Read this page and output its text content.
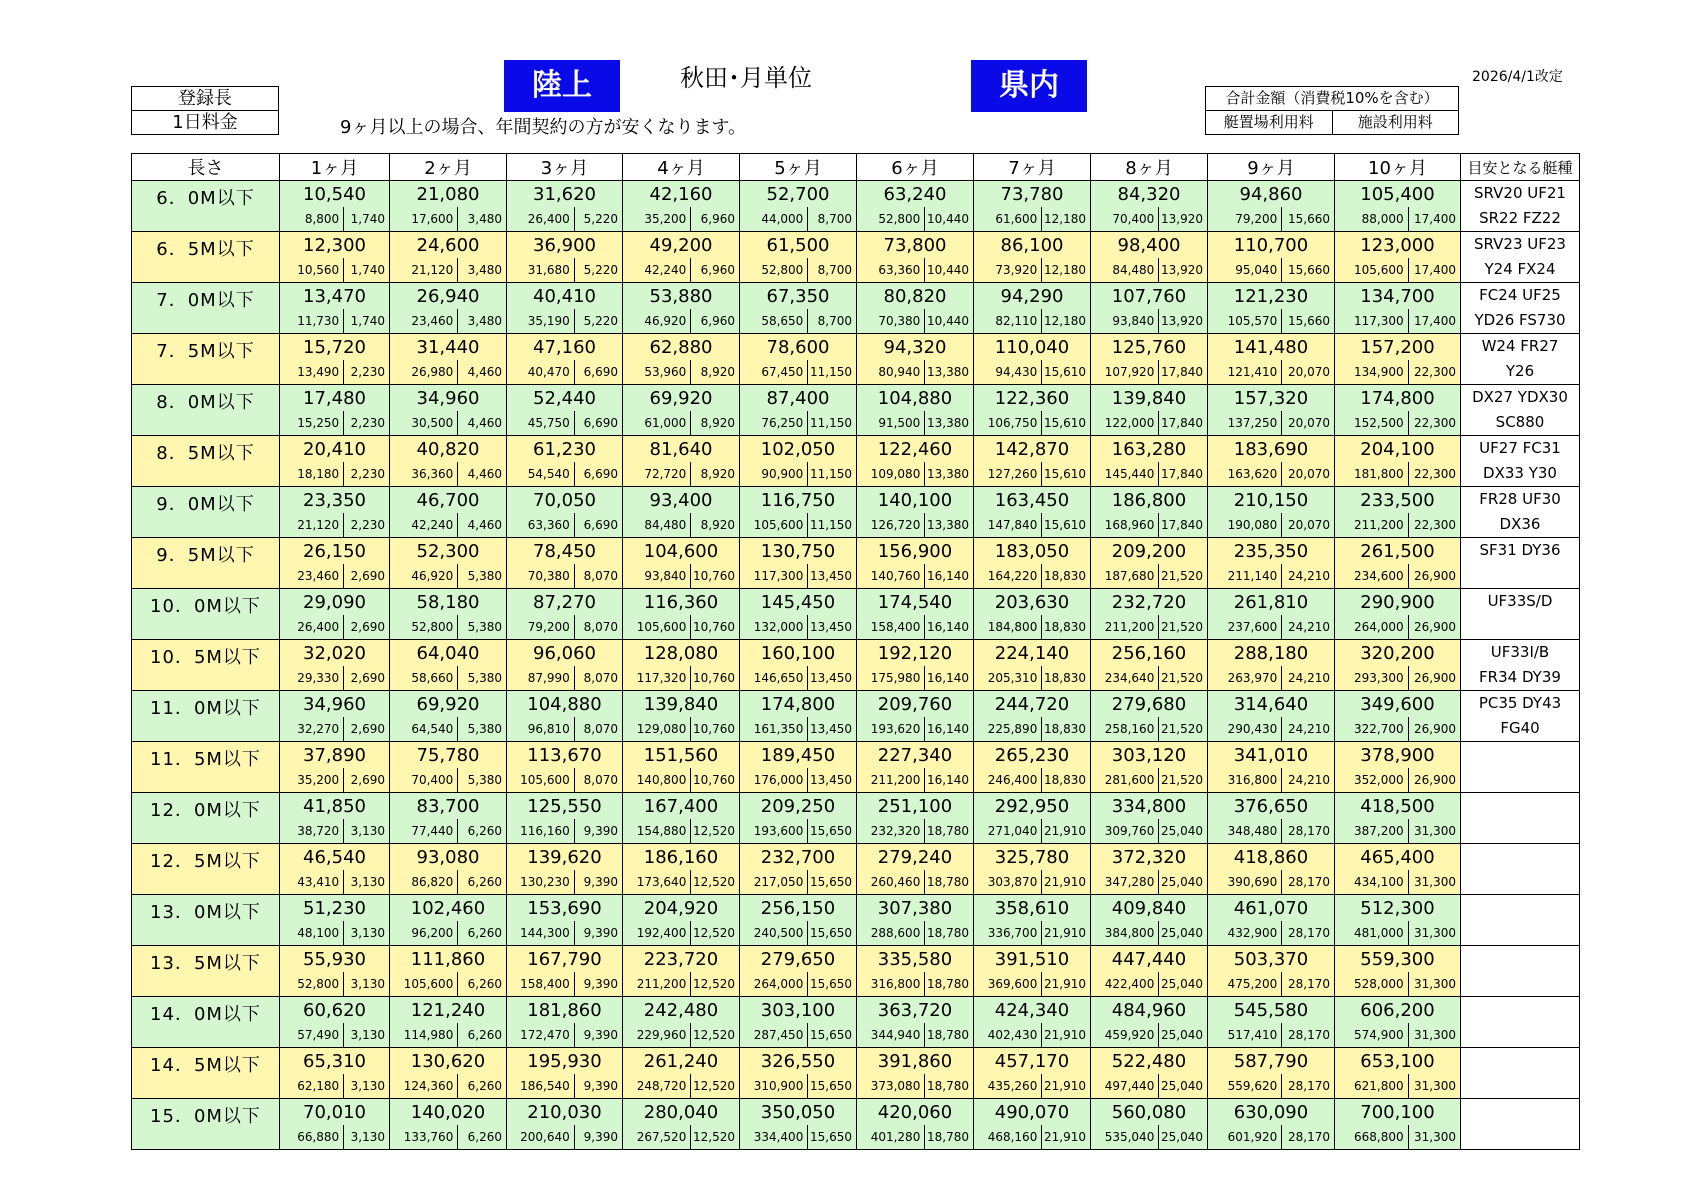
陸上	秋田･月単位	県内	2026/4/1改定
登録長
1日料金	9ヶ月以上の場合、年間契約の方が安くなります。
合計金額（消費税10%を含む）
艇置場利用料	施設利用料
長さ	1ヶ月	2ヶ月	3ヶ月	4ヶ月	5ヶ月	6ヶ月	7ヶ月	8ヶ月	9ヶ月	10ヶ月	目安となる艇種

6．0M以下	10,540	21,080	31,620	42,160	52,700	63,240	73,780	84,320	94,860	105,400	SRV20 UF21
SR22 FZ22

	8,800 1,740	17,600 3,480	26,400 5,220	35,200 6,960	44,000 8,700	52,800 10,440	61,600 12,180	70,400 13,920	79,200 15,660	88,000 17,400	

6．5M以下	12,300	24,600	36,900	49,200	61,500	73,800	86,100	98,400	110,700	123,000	SRV23 UF23
Y24 FX24

	10,560 1,740	21,120 3,480	31,680 5,220	42,240 6,960	52,800 8,700	63,360 10,440	73,920 12,180	84,480 13,920	95,040 15,660	105,600 17,400	

7．0M以下	13,470	26,940	40,410	53,880	67,350	80,820	94,290	107,760	121,230	134,700	FC24 UF25
YD26 FS730

	11,730 1,740	23,460 3,480	35,190 5,220	46,920 6,960	58,650 8,700	70,380 10,440	82,110 12,180	93,840 13,920	105,570 15,660	117,300 17,400	

7．5M以下	15,720	31,440	47,160	62,880	78,600	94,320	110,040	125,760	141,480	157,200	W24 FR27
Y26

	13,490 2,230	26,980 4,460	40,470 6,690	53,960 8,920	67,450 11,150	80,940 13,380	94,430 15,610	107,920 17,840	121,410 20,070	134,900 22,300	

8．0M以下	17,480	34,960	52,440	69,920	87,400	104,880	122,360	139,840	157,320	174,800	DX27 YDX30
SC880

	15,250 2,230	30,500 4,460	45,750 6,690	61,000 8,920	76,250 11,150	91,500 13,380	106,750 15,610	122,000 17,840	137,250 20,070	152,500 22,300	

8．5M以下	20,410	40,820	61,230	81,640	102,050	122,460	142,870	163,280	183,690	204,100	UF27 FC31
DX33 Y30

	18,180 2,230	36,360 4,460	54,540 6,690	72,720 8,920	90,900 11,150	109,080 13,380	127,260 15,610	145,440 17,840	163,620 20,070	181,800 22,300	

9．0M以下	23,350	46,700	70,050	93,400	116,750	140,100	163,450	186,800	210,150	233,500	FR28 UF30
DX36

	21,120 2,230	42,240 4,460	63,360 6,690	84,480 8,920	105,600 11,150	126,720 13,380	147,840 15,610	168,960 17,840	190,080 20,070	211,200 22,300	

9．5M以下	26,150	52,300	78,450	104,600	130,750	156,900	183,050	209,200	235,350	261,500	SF31 DY36

	23,460 2,690	46,920 5,380	70,380 8,070	93,840 10,760	117,300 13,450	140,760 16,140	164,220 18,830	187,680 21,520	211,140 24,210	234,600 26,900	

10．0M以下	29,090	58,180	87,270	116,360	145,450	174,540	203,630	232,720	261,810	290,900	UF33S/D

	26,400 2,690	52,800 5,380	79,200 8,070	105,600 10,760	132,000 13,450	158,400 16,140	184,800 18,830	211,200 21,520	237,600 24,210	264,000 26,900	

10．5M以下	32,020	64,040	96,060	128,080	160,100	192,120	224,140	256,160	288,180	320,200	UF33I/B
FR34 DY39

	29,330 2,690	58,660 5,380	87,990 8,070	117,320 10,760	146,650 13,450	175,980 16,140	205,310 18,830	234,640 21,520	263,970 24,210	293,300 26,900	

11．0M以下	34,960	69,920	104,880	139,840	174,800	209,760	244,720	279,680	314,640	349,600	PC35 DY43
FG40

	32,270 2,690	64,540 5,380	96,810 8,070	129,080 10,760	161,350 13,450	193,620 16,140	225,890 18,830	258,160 21,520	290,430 24,210	322,700 26,900	

11．5M以下	37,890	75,780	113,670	151,560	189,450	227,340	265,230	303,120	341,010	378,900	

	35,200 2,690	70,400 5,380	105,600 8,070	140,800 10,760	176,000 13,450	211,200 16,140	246,400 18,830	281,600 21,520	316,800 24,210	352,000 26,900	

12．0M以下	41,850	83,700	125,550	167,400	209,250	251,100	292,950	334,800	376,650	418,500	

	38,720 3,130	77,440 6,260	116,160 9,390	154,880 12,520	193,600 15,650	232,320 18,780	271,040 21,910	309,760 25,040	348,480 28,170	387,200 31,300	

12．5M以下	46,540	93,080	139,620	186,160	232,700	279,240	325,780	372,320	418,860	465,400	

	43,410 3,130	86,820 6,260	130,230 9,390	173,640 12,520	217,050 15,650	260,460 18,780	303,870 21,910	347,280 25,040	390,690 28,170	434,100 31,300	

13．0M以下	51,230	102,460	153,690	204,920	256,150	307,380	358,610	409,840	461,070	512,300	

	48,100 3,130	96,200 6,260	144,300 9,390	192,400 12,520	240,500 15,650	288,600 18,780	336,700 21,910	384,800 25,040	432,900 28,170	481,000 31,300	

13．5M以下	55,930	111,860	167,790	223,720	279,650	335,580	391,510	447,440	503,370	559,300	

	52,800 3,130	105,600 6,260	158,400 9,390	211,200 12,520	264,000 15,650	316,800 18,780	369,600 21,910	422,400 25,040	475,200 28,170	528,000 31,300	

14．0M以下	60,620	121,240	181,860	242,480	303,100	363,720	424,340	484,960	545,580	606,200	

	57,490 3,130	114,980 6,260	172,470 9,390	229,960 12,520	287,450 15,650	344,940 18,780	402,430 21,910	459,920 25,040	517,410 28,170	574,900 31,300	

14．5M以下	65,310	130,620	195,930	261,240	326,550	391,860	457,170	522,480	587,790	653,100	

	62,180 3,130	124,360 6,260	186,540 9,390	248,720 12,520	310,900 15,650	373,080 18,780	435,260 21,910	497,440 25,040	559,620 28,170	621,800 31,300	

15．0M以下	70,010	140,020	210,030	280,040	350,050	420,060	490,070	560,080	630,090	700,100	

	66,880 3,130	133,760 6,260	200,640 9,390	267,520 12,520	334,400 15,650	401,280 18,780	468,160 21,910	535,040 25,040	601,920 28,170	668,800 31,300	
